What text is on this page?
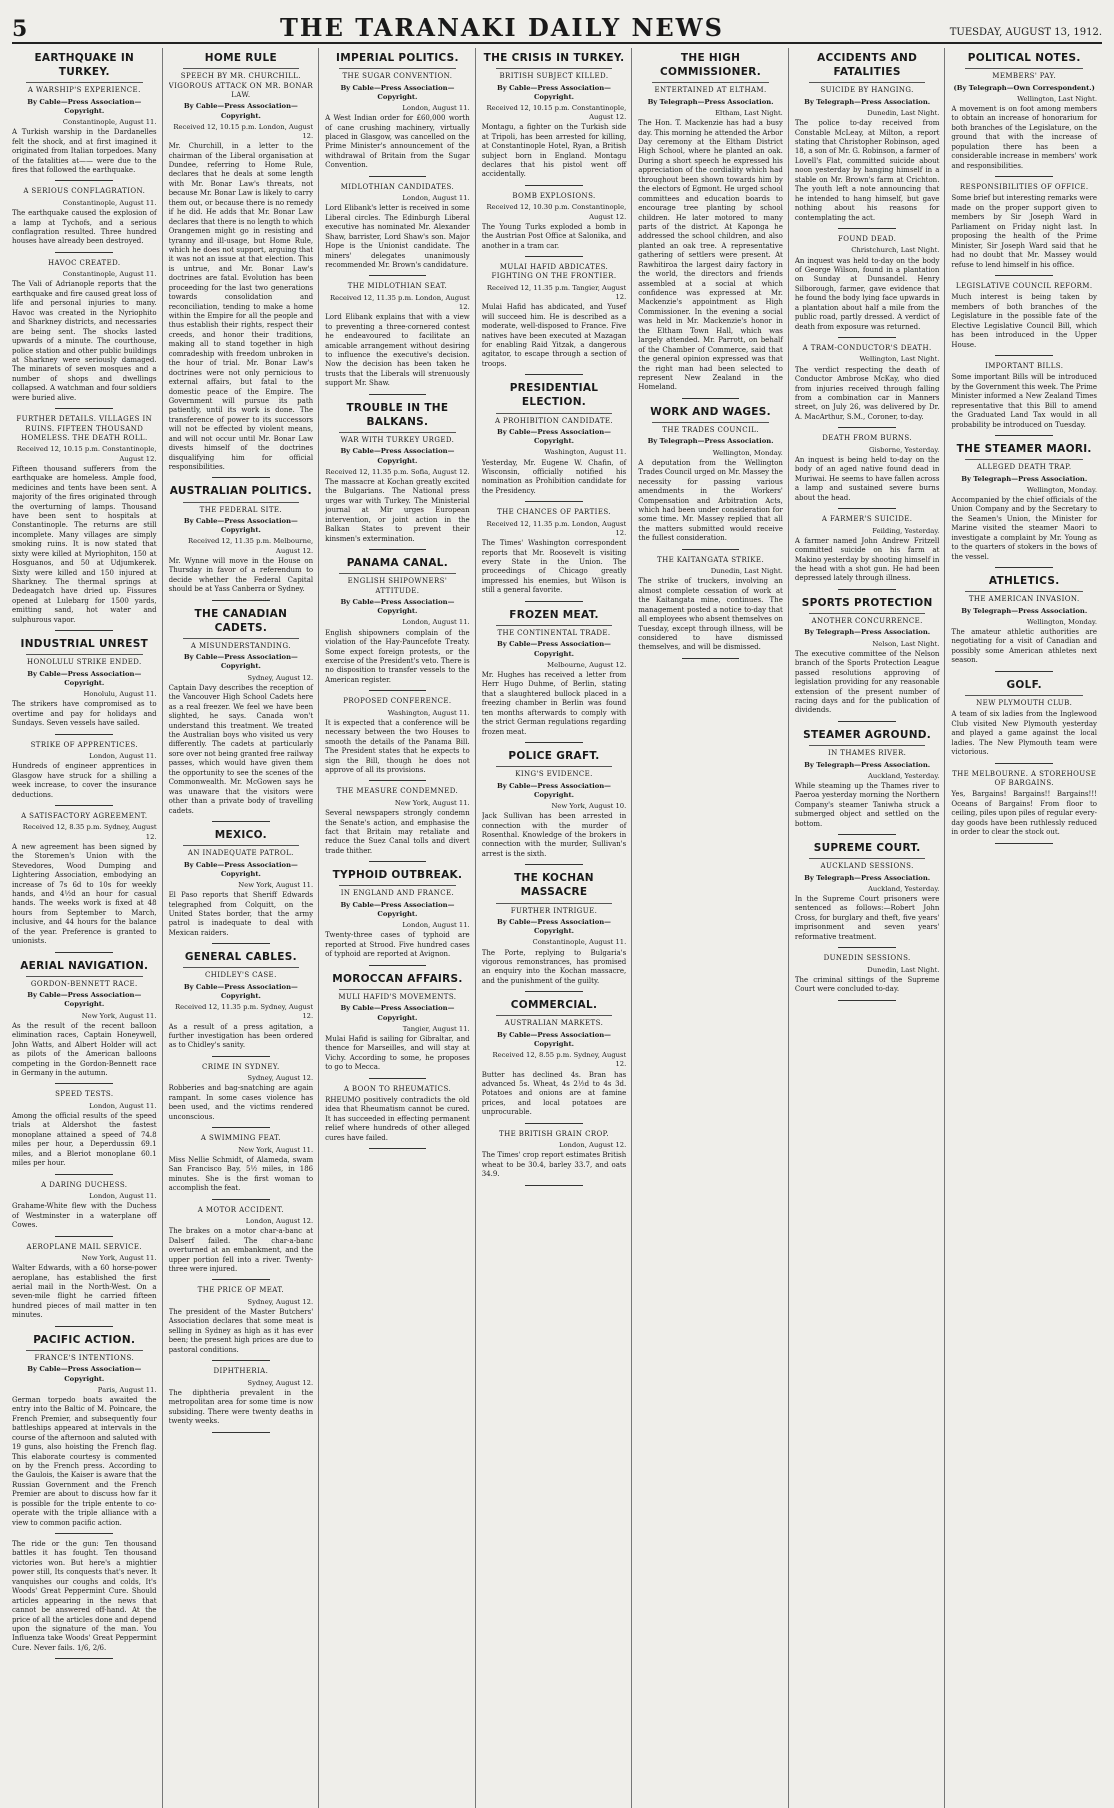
5	THE TARANAKI DAILY NEWS	TUESDAY, AUGUST 13, 1912.
EARTHQUAKE IN TURKEY.
A WARSHIP'S EXPERIENCE.
By Cable—Press Association—Copyright.
Constantinople, August 11.
A Turkish warship in the Dardanelles felt the shock, and at first imagined it originated from Italian torpedoes. Many of the fatalities at—— were due to the fires that followed the earthquake.
A SERIOUS CONFLAGRATION.
Constantinople, August 11.
The earthquake caused the explosion of a lamp at Tychofs, and a serious conflagration resulted. Three hundred houses have already been destroyed.
HAVOC CREATED.
Constantinople, August 11.
The Vali of Adrianople reports that the earthquake and fire caused great loss of life and personal injuries to many. Havoc was created in the Nyriophito and Sharkney districts, and necessaries are being sent. The shocks lasted upwards of a minute. The courthouse, police station and other public buildings at Sharkney were seriously damaged. The minarets of seven mosques and a number of shops and dwellings collapsed. A watchman and four soldiers were buried alive.
FURTHER DETAILS. VILLAGES IN RUINS. FIFTEEN THOUSAND HOMELESS. THE DEATH ROLL.
Received 12, 10.15 p.m. Constantinople, August 12.
Fifteen thousand sufferers from the earthquake are homeless. Ample food, medicines and tents have been sent. A majority of the fires originated through the overturning of lamps. Thousand have been sent to hospitals at Constantinople. The returns are still incomplete. Many villages are simply smoking ruins. It is now stated that sixty were killed at Myriophiton, 150 at Hosguanos, and 50 at Udjumkerek. Sixty were killed and 150 injured at Sharkney. The thermal springs at Dedeagatch have dried up. Fissures opened at Lulebarg for 1500 yards, emitting sand, hot water and sulphurous vapor.
INDUSTRIAL UNREST
HONOLULU STRIKE ENDED.
By Cable—Press Association—Copyright.
Honolulu, August 11.
The strikers have compromised as to overtime and pay for holidays and Sundays. Seven vessels have sailed.
STRIKE OF APPRENTICES.
London, August 11.
Hundreds of engineer apprentices in Glasgow have struck for a shilling a week increase, to cover the insurance deductions.
A SATISFACTORY AGREEMENT.
Received 12, 8.35 p.m. Sydney, August 12.
A new agreement has been signed by the Storemen's Union with the Stevedores, Wood Dumping and Lightering Association, embodying an increase of 7s 6d to 10s for weekly hands, and 4½d an hour for casual hands. The weeks work is fixed at 48 hours from September to March, inclusive, and 44 hours for the balance of the year. Preference is granted to unionists.
AERIAL NAVIGATION.
GORDON-BENNETT RACE.
By Cable—Press Association—Copyright.
New York, August 11.
As the result of the recent balloon elimination races, Captain Honeywell, John Watts, and Albert Holder will act as pilots of the American balloons competing in the Gordon-Bennett race in Germany in the autumn.
SPEED TESTS.
London, August 11.
Among the official results of the speed trials at Aldershot the fastest monoplane attained a speed of 74.8 miles per hour, a Deperdussin 69.1 miles, and a Bleriot monoplane 60.1 miles per hour.
A DARING DUCHESS.
London, August 11.
Grahame-White flew with the Duchess of Westminster in a waterplane off Cowes.
AEROPLANE MAIL SERVICE.
New York, August 11.
Walter Edwards, with a 60 horse-power aeroplane, has established the first aerial mail in the North-West. On a seven-mile flight he carried fifteen hundred pieces of mail matter in ten minutes.
PACIFIC ACTION.
FRANCE'S INTENTIONS.
By Cable—Press Association—Copyright.
Paris, August 11.
German torpedo boats awaited the entry into the Baltic of M. Poincare, the French Premier, and subsequently four battleships appeared at intervals in the course of the afternoon and saluted with 19 guns, also hoisting the French flag. This elaborate courtesy is commented on by the French press. According to the Gaulois, the Kaiser is aware that the Russian Government and the French Premier are about to discuss how far it is possible for the triple entente to co-operate with the triple alliance with a view to common pacific action.
The ride or the gun: Ten thousand battles it has fought. Ten thousand victories won. But here's a mightier power still, Its conquests that's never. It vanquishes our coughs and colds, It's Woods' Great Peppermint Cure. Should articles appearing in the news that cannot be answered off-hand. At the price of all the articles done and depend upon the signature of the man. You Influenza take Woods' Great Peppermint Cure. Never fails. 1/6, 2/6.
HOME RULE
SPEECH BY MR. CHURCHILL. VIGOROUS ATTACK ON MR. BONAR LAW.
By Cable—Press Association—Copyright.
Received 12, 10.15 p.m. London, August 12.
Mr. Churchill, in a letter to the chairman of the Liberal organisation at Dundee, referring to Home Rule, declares that he deals at some length with Mr. Bonar Law's threats, not because Mr. Bonar Law is likely to carry them out, or because there is no remedy if he did. He adds that Mr. Bonar Law declares that there is no length to which Orangemen might go in resisting and tyranny and ill-usage, but Home Rule, which he does not support, arguing that it was not an issue at that election. This is untrue, and Mr. Bonar Law's doctrines are fatal. Evolution has been proceeding for the last two generations towards consolidation and reconciliation, tending to make a home within the Empire for all the people and thus establish their rights, respect their creeds, and honor their traditions, making all to stand together in high comradeship with freedom unbroken in the hour of trial. Mr. Bonar Law's doctrines were not only pernicious to external affairs, but fatal to the domestic peace of the Empire. The Government will pursue its path patiently, until its work is done. The transference of power to its successors will not be effected by violent means, and will not occur until Mr. Bonar Law divests himself of the doctrines disqualifying him for official responsibilities.
AUSTRALIAN POLITICS.
THE FEDERAL SITE.
By Cable—Press Association—Copyright.
Received 12, 11.35 p.m. Melbourne, August 12.
Mr. Wynne will move in the House on Thursday in favor of a referendum to decide whether the Federal Capital should be at Yass Canberra or Sydney.
THE CANADIAN CADETS.
A MISUNDERSTANDING.
By Cable—Press Association—Copyright.
Sydney, August 12.
Captain Davy describes the reception of the Vancouver High School Cadets here as a real freezer. We feel we have been slighted, he says. Canada won't understand this treatment. We treated the Australian boys who visited us very differently. The cadets at particularly sore over not being granted free railway passes, which would have given them the opportunity to see the scenes of the Commonwealth. Mr. McGowen says he was unaware that the visitors were other than a private body of travelling cadets.
MEXICO.
AN INADEQUATE PATROL.
By Cable—Press Association—Copyright.
New York, August 11.
El Paso reports that Sheriff Edwards telegraphed from Colquitt, on the United States border, that the army patrol is inadequate to deal with Mexican raiders.
GENERAL CABLES.
CHIDLEY'S CASE.
By Cable—Press Association—Copyright.
Received 12, 11.35 p.m. Sydney, August 12.
As a result of a press agitation, a further investigation has been ordered as to Chidley's sanity.
CRIME IN SYDNEY.
Sydney, August 12.
Robberies and bag-snatching are again rampant. In some cases violence has been used, and the victims rendered unconscious.
A SWIMMING FEAT.
New York, August 11.
Miss Nellie Schmidt, of Alameda, swam San Francisco Bay, 5½ miles, in 186 minutes. She is the first woman to accomplish the feat.
A MOTOR ACCIDENT.
London, August 12.
The brakes on a motor char-a-banc at Dalserf failed. The char-a-banc overturned at an embankment, and the upper portion fell into a river. Twenty-three were injured.
THE PRICE OF MEAT.
Sydney, August 12.
The president of the Master Butchers' Association declares that some meat is selling in Sydney as high as it has ever been; the present high prices are due to pastoral conditions.
DIPHTHERIA.
Sydney, August 12.
The diphtheria prevalent in the metropolitan area for some time is now subsiding. There were twenty deaths in twenty weeks.
IMPERIAL POLITICS.
THE SUGAR CONVENTION.
By Cable—Press Association—Copyright.
London, August 11.
A West Indian order for £60,000 worth of cane crushing machinery, virtually placed in Glasgow, was cancelled on the Prime Minister's announcement of the withdrawal of Britain from the Sugar Convention.
MIDLOTHIAN CANDIDATES.
London, August 11.
Lord Elibank's letter is received in some Liberal circles. The Edinburgh Liberal executive has nominated Mr. Alexander Shaw, barrister, Lord Shaw's son. Major Hope is the Unionist candidate. The miners' delegates unanimously recommended Mr. Brown's candidature.
THE MIDLOTHIAN SEAT.
Received 12, 11.35 p.m. London, August 12.
Lord Elibank explains that with a view to preventing a three-cornered contest he endeavoured to facilitate an amicable arrangement without desiring to influence the executive's decision. Now the decision has been taken he trusts that the Liberals will strenuously support Mr. Shaw.
TROUBLE IN THE BALKANS.
WAR WITH TURKEY URGED.
By Cable—Press Association—Copyright.
Received 12, 11.35 p.m. Sofia, August 12.
The massacre at Kochan greatly excited the Bulgarians. The National press urges war with Turkey. The Ministerial journal at Mir urges European intervention, or joint action in the Balkan States to prevent their kinsmen's extermination.
PANAMA CANAL.
ENGLISH SHIPOWNERS' ATTITUDE.
By Cable—Press Association—Copyright.
London, August 11.
English shipowners complain of the violation of the Hay-Pauncefote Treaty. Some expect foreign protests, or the exercise of the President's veto. There is no disposition to transfer vessels to the American register.
PROPOSED CONFERENCE.
Washington, August 11.
It is expected that a conference will be necessary between the two Houses to smooth the details of the Panama Bill. The President states that he expects to sign the Bill, though he does not approve of all its provisions.
THE MEASURE CONDEMNED.
New York, August 11.
Several newspapers strongly condemn the Senate's action, and emphasise the fact that Britain may retaliate and reduce the Suez Canal tolls and divert trade thither.
TYPHOID OUTBREAK.
IN ENGLAND AND FRANCE.
By Cable—Press Association—Copyright.
London, August 11.
Twenty-three cases of typhoid are reported at Strood. Five hundred cases of typhoid are reported at Avignon.
MOROCCAN AFFAIRS.
MULI HAFID'S MOVEMENTS.
By Cable—Press Association—Copyright.
Tangier, August 11.
Mulai Hafid is sailing for Gibraltar, and thence for Marseilles, and will stay at Vichy. According to some, he proposes to go to Mecca.
A BOON TO RHEUMATICS.
RHEUMO positively contradicts the old idea that Rheumatism cannot be cured. It has succeeded in effecting permanent relief where hundreds of other alleged cures have failed.
THE CRISIS IN TURKEY.
BRITISH SUBJECT KILLED.
By Cable—Press Association—Copyright.
Received 12, 10.15 p.m. Constantinople, August 12.
Montagu, a fighter on the Turkish side at Tripoli, has been arrested for killing, at Constantinople Hotel, Ryan, a British subject born in England. Montagu declares that his pistol went off accidentally.
BOMB EXPLOSIONS.
Received 12, 10.30 p.m. Constantinople, August 12.
The Young Turks exploded a bomb in the Austrian Post Office at Salonika, and another in a tram car.
MULAI HAFID ABDICATES. FIGHTING ON THE FRONTIER.
Received 12, 11.35 p.m. Tangier, August 12.
Mulai Hafid has abdicated, and Yusef will succeed him. He is described as a moderate, well-disposed to France. Five natives have been executed at Mazagan for enabling Raid Yitzak, a dangerous agitator, to escape through a section of troops.
PRESIDENTIAL ELECTION.
A PROHIBITION CANDIDATE.
By Cable—Press Association—Copyright.
Washington, August 11.
Yesterday, Mr. Eugene W. Chafin, of Wisconsin, officially notified his nomination as Prohibition candidate for the Presidency.
THE CHANCES OF PARTIES.
Received 12, 11.35 p.m. London, August 12.
The Times' Washington correspondent reports that Mr. Roosevelt is visiting every State in the Union. The proceedings of Chicago greatly impressed his enemies, but Wilson is still a general favorite.
FROZEN MEAT.
THE CONTINENTAL TRADE.
By Cable—Press Association—Copyright.
Melbourne, August 12.
Mr. Hughes has received a letter from Herr Hugo Duhme, of Berlin, stating that a slaughtered bullock placed in a freezing chamber in Berlin was found ten months afterwards to comply with the strict German regulations regarding frozen meat.
POLICE GRAFT.
KING'S EVIDENCE.
By Cable—Press Association—Copyright.
New York, August 10.
Jack Sullivan has been arrested in connection with the murder of Rosenthal. Knowledge of the brokers in connection with the murder, Sullivan's arrest is the sixth.
THE KOCHAN MASSACRE
FURTHER INTRIGUE.
By Cable—Press Association—Copyright.
Constantinople, August 11.
The Porte, replying to Bulgaria's vigorous remonstrances, has promised an enquiry into the Kochan massacre, and the punishment of the guilty.
COMMERCIAL.
AUSTRALIAN MARKETS.
By Cable—Press Association—Copyright.
Received 12, 8.55 p.m. Sydney, August 12.
Butter has declined 4s. Bran has advanced 5s. Wheat, 4s 2½d to 4s 3d. Potatoes and onions are at famine prices, and local potatoes are unprocurable.
THE BRITISH GRAIN CROP.
London, August 12.
The Times' crop report estimates British wheat to be 30.4, barley 33.7, and oats 34.9.
THE HIGH COMMISSIONER.
ENTERTAINED AT ELTHAM.
By Telegraph—Press Association.
Eltham, Last Night.
The Hon. T. Mackenzie has had a busy day. This morning he attended the Arbor Day ceremony at the Eltham District High School, where he planted an oak. During a short speech he expressed his appreciation of the cordiality which had throughout been shown towards him by the electors of Egmont. He urged school committees and education boards to encourage tree planting by school children. He later motored to many parts of the district. At Kaponga he addressed the school children, and also planted an oak tree. A representative gathering of settlers were present. At Rawhitiroa the largest dairy factory in the world, the directors and friends assembled at a social at which confidence was expressed at Mr. Mackenzie's appointment as High Commissioner. In the evening a social was held in Mr. Mackenzie's honor in the Eltham Town Hall, which was largely attended. Mr. Parrott, on behalf of the Chamber of Commerce, said that the general opinion expressed was that the right man had been selected to represent New Zealand in the Homeland.
WORK AND WAGES.
THE TRADES COUNCIL.
By Telegraph—Press Association.
Wellington, Monday.
A deputation from the Wellington Trades Council urged on Mr. Massey the necessity for passing various amendments in the Workers' Compensation and Arbitration Acts, which had been under consideration for some time. Mr. Massey replied that all the matters submitted would receive the fullest consideration.
THE KAITANGATA STRIKE.
Dunedin, Last Night.
The strike of truckers, involving an almost complete cessation of work at the Kaitangata mine, continues. The management posted a notice to-day that all employees who absent themselves on Tuesday, except through illness, will be considered to have dismissed themselves, and will be dismissed.
ACCIDENTS AND FATALITIES
SUICIDE BY HANGING.
By Telegraph—Press Association.
Dunedin, Last Night.
The police to-day received from Constable McLeay, at Milton, a report stating that Christopher Robinson, aged 18, a son of Mr. G. Robinson, a farmer of Lovell's Flat, committed suicide about noon yesterday by hanging himself in a stable on Mr. Brown's farm at Crichton. The youth left a note announcing that he intended to hang himself, but gave nothing about his reasons for contemplating the act.
FOUND DEAD.
Christchurch, Last Night.
An inquest was held to-day on the body of George Wilson, found in a plantation on Sunday at Dunsandel. Henry Silborough, farmer, gave evidence that he found the body lying face upwards in a plantation about half a mile from the public road, partly dressed. A verdict of death from exposure was returned.
A TRAM-CONDUCTOR'S DEATH.
Wellington, Last Night.
The verdict respecting the death of Conductor Ambrose McKay, who died from injuries received through falling from a combination car in Manners street, on July 26, was delivered by Dr. A. MacArthur, S.M., Coroner, to-day.
DEATH FROM BURNS.
Gisborne, Yesterday.
An inquest is being held to-day on the body of an aged native found dead in Muriwai. He seems to have fallen across a lamp and sustained severe burns about the head.
A FARMER'S SUICIDE.
Feilding, Yesterday.
A farmer named John Andrew Fritzell committed suicide on his farm at Makino yesterday by shooting himself in the head with a shot gun. He had been depressed lately through illness.
SPORTS PROTECTION
ANOTHER CONCURRENCE.
By Telegraph—Press Association.
Nelson, Last Night.
The executive committee of the Nelson branch of the Sports Protection League passed resolutions approving of legislation providing for any reasonable extension of the present number of racing days and for the publication of dividends.
STEAMER AGROUND.
IN THAMES RIVER.
By Telegraph—Press Association.
Auckland, Yesterday.
While steaming up the Thames river to Paeroa yesterday morning the Northern Company's steamer Taniwha struck a submerged object and settled on the bottom.
SUPREME COURT.
AUCKLAND SESSIONS.
By Telegraph—Press Association.
Auckland, Yesterday.
In the Supreme Court prisoners were sentenced as follows:—Robert John Cross, for burglary and theft, five years' imprisonment and seven years' reformative treatment.
DUNEDIN SESSIONS.
Dunedin, Last Night.
The criminal sittings of the Supreme Court were concluded to-day.
POLITICAL NOTES.
MEMBERS' PAY.
(By Telegraph—Own Correspondent.)
Wellington, Last Night.
A movement is on foot among members to obtain an increase of honorarium for both branches of the Legislature, on the ground that with the increase of population there has been a considerable increase in members' work and responsibilities.
RESPONSIBILITIES OF OFFICE.
Some brief but interesting remarks were made on the proper support given to members by Sir Joseph Ward in Parliament on Friday night last. In proposing the health of the Prime Minister, Sir Joseph Ward said that he had no doubt that Mr. Massey would refuse to lend himself in his office.
LEGISLATIVE COUNCIL REFORM.
Much interest is being taken by members of both branches of the Legislature in the possible fate of the Elective Legislative Council Bill, which has been introduced in the Upper House.
IMPORTANT BILLS.
Some important Bills will be introduced by the Government this week. The Prime Minister informed a New Zealand Times representative that this Bill to amend the Graduated Land Tax would in all probability be introduced on Tuesday.
THE STEAMER MAORI.
ALLEGED DEATH TRAP.
By Telegraph—Press Association.
Wellington, Monday.
Accompanied by the chief officials of the Union Company and by the Secretary to the Seamen's Union, the Minister for Marine visited the steamer Maori to investigate a complaint by Mr. Young as to the quarters of stokers in the bows of the vessel.
ATHLETICS.
THE AMERICAN INVASION.
By Telegraph—Press Association.
Wellington, Monday.
The amateur athletic authorities are negotiating for a visit of Canadian and possibly some American athletes next season.
GOLF.
NEW PLYMOUTH CLUB.
A team of six ladies from the Inglewood Club visited New Plymouth yesterday and played a game against the local ladies. The New Plymouth team were victorious.
THE MELBOURNE. A STOREHOUSE OF BARGAINS.
Yes, Bargains! Bargains!! Bargains!!! Oceans of Bargains! From floor to ceiling, piles upon piles of regular every-day goods have been ruthlessly reduced in order to clear the stock out.
